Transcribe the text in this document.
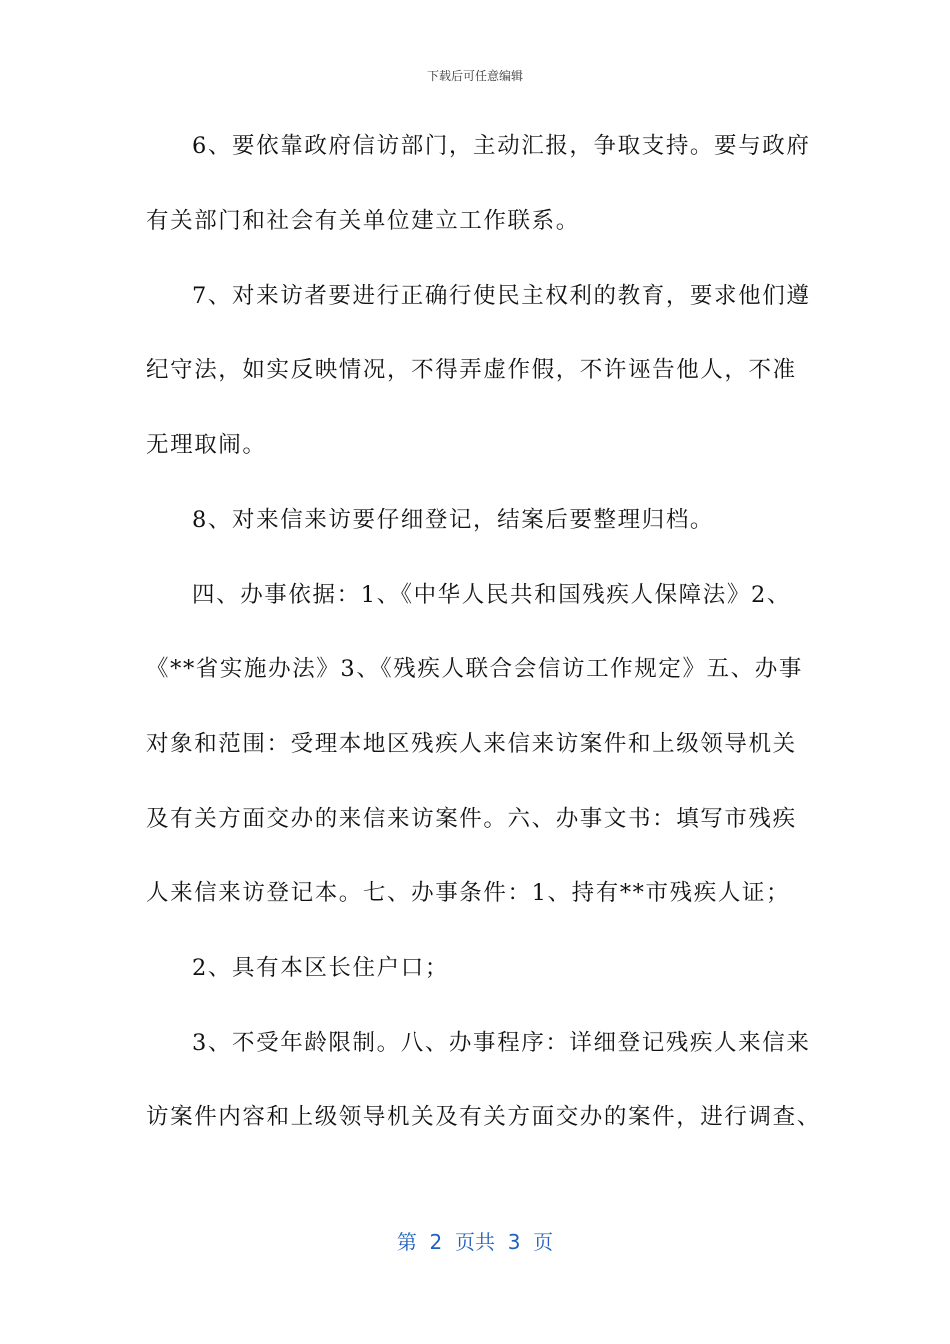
下载后可任意编辑
6、要依靠政府信访部门，主动汇报，争取支持。要与政府
有关部门和社会有关单位建立工作联系。
7、对来访者要进行正确行使民主权利的教育，要求他们遵
纪守法，如实反映情况，不得弄虚作假，不许诬告他人，不准
无理取闹。
8、对来信来访要仔细登记，结案后要整理归档。
四、办事依据：1、《中华人民共和国残疾人保障法》2、
《**省实施办法》3、《残疾人联合会信访工作规定》五、办事
对象和范围：受理本地区残疾人来信来访案件和上级领导机关
及有关方面交办的来信来访案件。六、办事文书：填写市残疾
人来信来访登记本。七、办事条件：1、持有**市残疾人证；
2、具有本区长住户口；
3、不受年龄限制。八、办事程序：详细登记残疾人来信来
访案件内容和上级领导机关及有关方面交办的案件，进行调查、
第  2  页共  3  页
